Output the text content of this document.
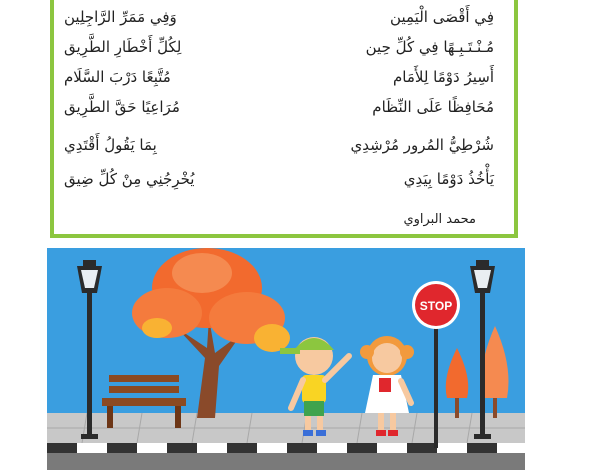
فِي أَقْصَى الْيَمِين
وَفِي مَمَرِّ الرَّاجِلِين
مُـنْـتَـبِـهًا فِي كُلِّ حِين
لِكُلِّ أَخْطَارِ الطَّرِيق
أَسِيرُ دَوْمًا لِلأَمَام
مُتَّبِعًا دَرْبَ السَّلَام
مُحَافِظًا عَلَى النِّظَام
مُرَاعِيًا حَقَّ الطَّرِيق
شُرْطِيُّ المُرور مُرْشِدِي
بِمَا يَقُولُ أَقْتَدِي
يَأْخُذُ دَوْمًا بِيَدِي
يُخْرِجُنِي مِنْ كُلِّ ضِيق
محمد البراوي
STOP
